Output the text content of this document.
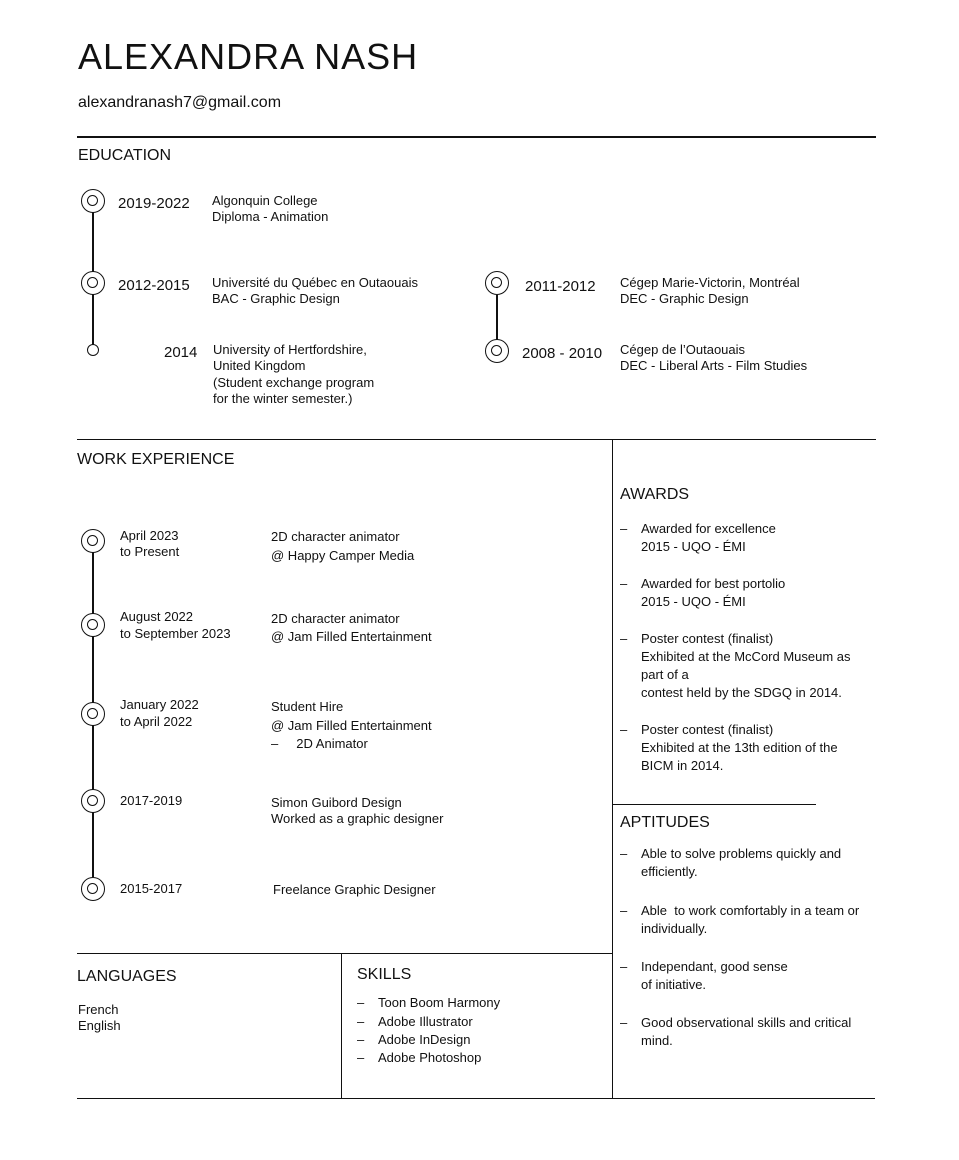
ALEXANDRA NASH
alexandranash7@gmail.com
EDUCATION
2019-2022 Algonquin College
Diploma - Animation
2012-2015 Université du Québec en Outaouais
BAC - Graphic Design
2014 University of Hertfordshire,
United Kingdom
(Student exchange program
for the winter semester.)
2011-2012 Cégep Marie-Victorin, Montréal
DEC - Graphic Design
2008 - 2010 Cégep de l’Outaouais
DEC - Liberal Arts - Film Studies
WORK EXPERIENCE
April 2023
to Present
2D character animator
@ Happy Camper Media
August 2022
to September 2023
2D character animator
@ Jam Filled Entertainment
January 2022
to April 2022
Student Hire
@ Jam Filled Entertainment
–     2D Animator
2017-2019	Simon Guibord Design
Worked as a graphic designer
2015-2017	Freelance Graphic Designer
AWARDS
– Awarded for excellence
2015 - UQO - ÉMI
– Awarded for best portolio
2015 - UQO - ÉMI
– Poster contest (finalist)
Exhibited at the McCord Museum as part of a
contest held by the SDGQ in 2014.
– Poster contest (finalist)
Exhibited at the 13th edition of the BICM in 2014.
APTITUDES
– Able to solve problems quickly and efficiently.
– Able  to work comfortably in a team or individually.
– Independant, good sense
of initiative.
– Good observational skills and critical mind.
LANGUAGES
French
English
SKILLS
– Toon Boom Harmony
– Adobe Illustrator
– Adobe InDesign
– Adobe Photoshop
